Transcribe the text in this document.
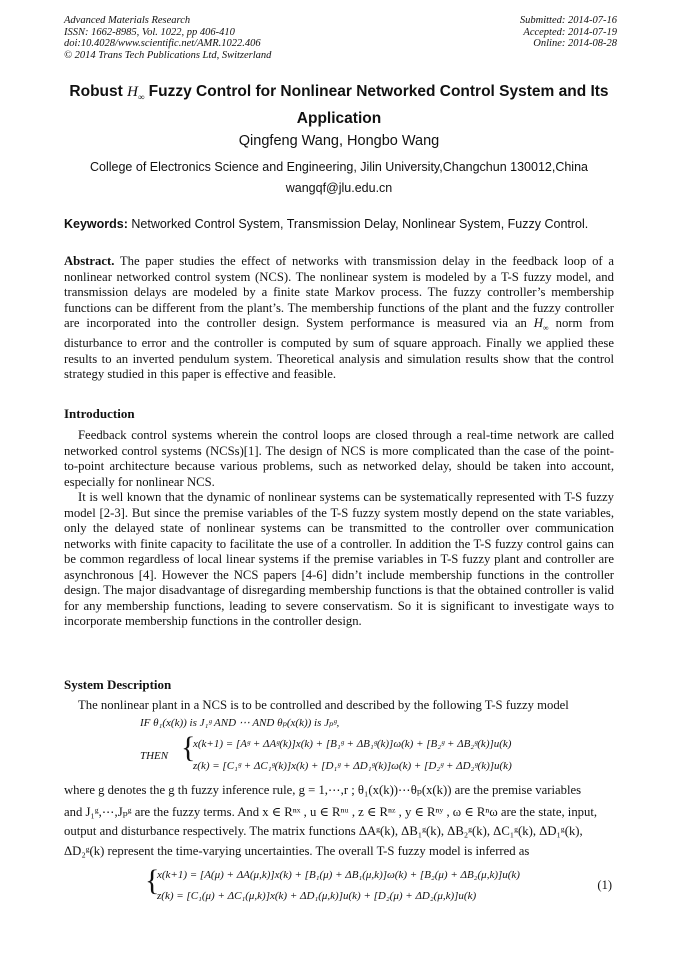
Advanced Materials Research
ISSN: 1662-8985, Vol. 1022, pp 406-410
doi:10.4028/www.scientific.net/AMR.1022.406
© 2014 Trans Tech Publications Ltd, Switzerland
Submitted: 2014-07-16
Accepted: 2014-07-19
Online: 2014-08-28
Robust $H_\infty$ Fuzzy Control for Nonlinear Networked Control System and Its Application
Qingfeng Wang, Hongbo Wang
College of Electronics Science and Engineering, Jilin University,Changchun 130012,China
wangqf@jlu.edu.cn
Keywords: Networked Control System, Transmission Delay, Nonlinear System, Fuzzy Control.
Abstract. The paper studies the effect of networks with transmission delay in the feedback loop of a nonlinear networked control system (NCS). The nonlinear system is modeled by a T-S fuzzy model, and transmission delays are modeled by a finite state Markov process. The fuzzy controller’s membership functions can be different from the plant’s. The membership functions of the plant and the fuzzy controller are incorporated into the controller design. System performance is measured via an $H_\infty$ norm from disturbance to error and the controller is computed by sum of square approach. Finally we applied these results to an inverted pendulum system. Theoretical analysis and simulation results show that the control strategy studied in this paper is effective and feasible.
Introduction
Feedback control systems wherein the control loops are closed through a real-time network are called networked control systems (NCSs)[1]. The design of NCS is more complicated than the case of the point-to-point architecture because various problems, such as networked delay, should be taken into account, especially for nonlinear NCS.
It is well known that the dynamic of nonlinear systems can be systematically represented with T-S fuzzy model [2-3]. But since the premise variables of the T-S fuzzy system mostly depend on the state variables, only the delayed state of nonlinear systems can be transmitted to the controller over communication networks with finite capacity to facilitate the use of a controller. In addition the T-S fuzzy control gains can be common regardless of local linear systems if the premise variables in T-S fuzzy plant and controller are asynchronous [4]. However the NCS papers [4-6] didn’t include membership functions in the controller design. The major disadvantage of disregarding membership functions is that the obtained controller is valid for any membership functions, leading to severe conservatism. So it is significant to investigate ways to incorporate membership functions in the controller design.
System Description
The nonlinear plant in a NCS is to be controlled and described by the following T-S fuzzy model
IF θ₁(x(k)) is J₁ᵍ AND ⋯ AND θₚ(x(k)) is Jₚᵍ,
THEN {
x(k+1) = [Aᵍ + ΔAᵍ(k)]x(k) + [B₁ᵍ + ΔB₁ᵍ(k)]ω(k) + [B₂ᵍ + ΔB₂ᵍ(k)]u(k)
z(k) = [C₁ᵍ + ΔC₁ᵍ(k)]x(k) + [D₁ᵍ + ΔD₁ᵍ(k)]ω(k) + [D₂ᵍ + ΔD₂ᵍ(k)]u(k)
where g denotes the g th fuzzy inference rule, g = 1,⋯,r ; θ₁(x(k))⋯θₚ(x(k)) are the premise variables
and J₁ᵍ,⋯,Jₚᵍ are the fuzzy terms. And x ∈ Rⁿˣ , u ∈ Rⁿᵘ , z ∈ Rⁿᶻ , y ∈ Rⁿʸ , ω ∈ Rⁿω are the state, input,
output and disturbance respectively. The matrix functions ΔAᵍ(k), ΔB₁ᵍ(k), ΔB₂ᵍ(k), ΔC₁ᵍ(k), ΔD₁ᵍ(k),
ΔD₂ᵍ(k) represent the time-varying uncertainties. The overall T-S fuzzy model is inferred as
{
x(k+1) = [A(μ) + ΔA(μ,k)]x(k) + [B₁(μ) + ΔB₁(μ,k)]ω(k) + [B₂(μ) + ΔB₂(μ,k)]u(k)
z(k) = [C₁(μ) + ΔC₁(μ,k)]x(k) + ΔD₁(μ,k)]u(k) + [D₂(μ) + ΔD₂(μ,k)]u(k)
(1)
